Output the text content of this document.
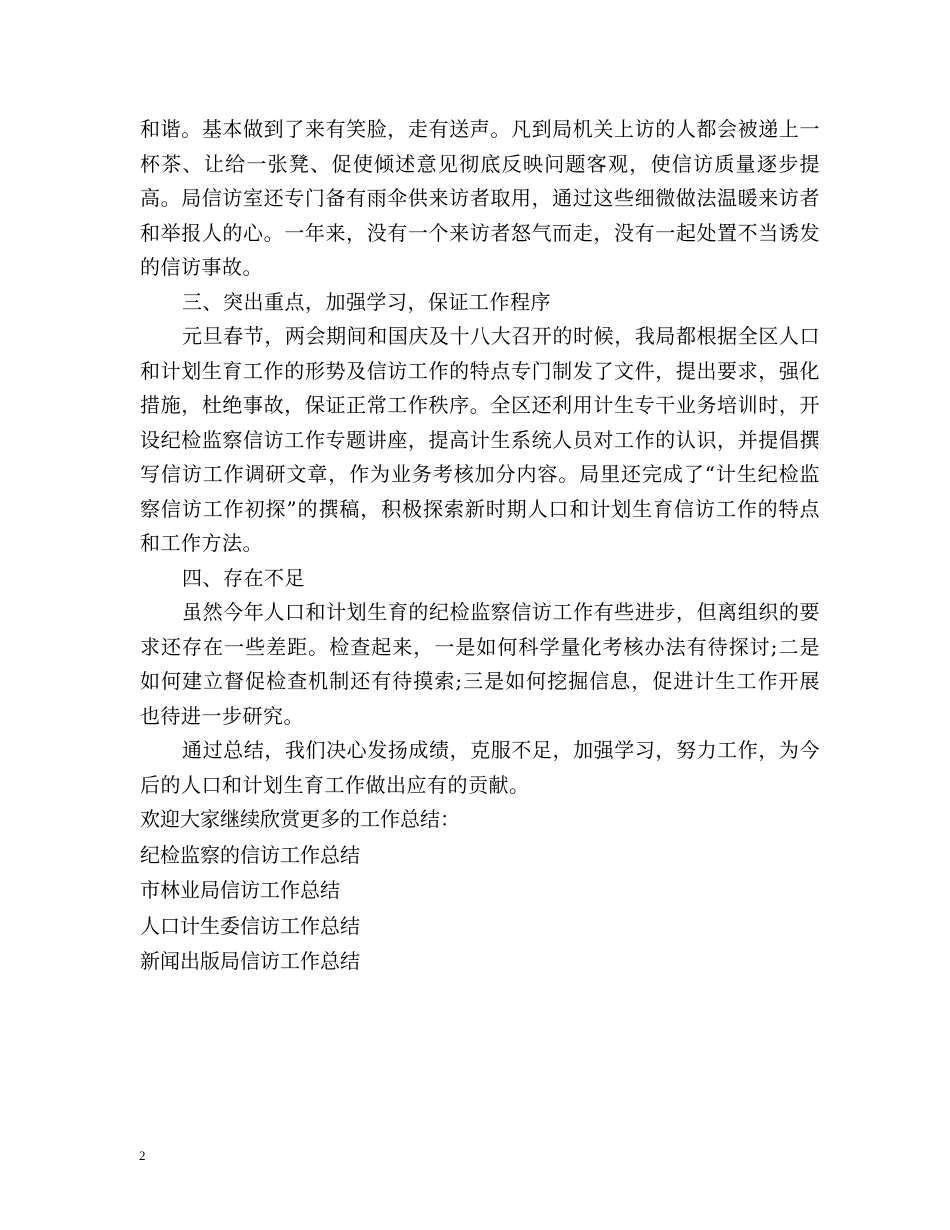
和谐。基本做到了来有笑脸，走有送声。凡到局机关上访的人都会被递上一杯茶、让给一张凳、促使倾述意见彻底反映问题客观，使信访质量逐步提高。局信访室还专门备有雨伞供来访者取用，通过这些细微做法温暖来访者和举报人的心。一年来，没有一个来访者怒气而走，没有一起处置不当诱发的信访事故。

三、突出重点，加强学习，保证工作程序

元旦春节，两会期间和国庆及十八大召开的时候，我局都根据全区人口和计划生育工作的形势及信访工作的特点专门制发了文件，提出要求，强化措施，杜绝事故，保证正常工作秩序。全区还利用计生专干业务培训时，开设纪检监察信访工作专题讲座，提高计生系统人员对工作的认识，并提倡撰写信访工作调研文章，作为业务考核加分内容。局里还完成了“计生纪检监察信访工作初探”的撰稿，积极探索新时期人口和计划生育信访工作的特点和工作方法。

四、存在不足

虽然今年人口和计划生育的纪检监察信访工作有些进步，但离组织的要求还存在一些差距。检查起来，一是如何科学量化考核办法有待探讨;二是如何建立督促检查机制还有待摸索;三是如何挖掘信息，促进计生工作开展也待进一步研究。

通过总结，我们决心发扬成绩，克服不足，加强学习，努力工作，为今后的人口和计划生育工作做出应有的贡献。

欢迎大家继续欣赏更多的工作总结：

纪检监察的信访工作总结

市林业局信访工作总结

人口计生委信访工作总结

新闻出版局信访工作总结

2
